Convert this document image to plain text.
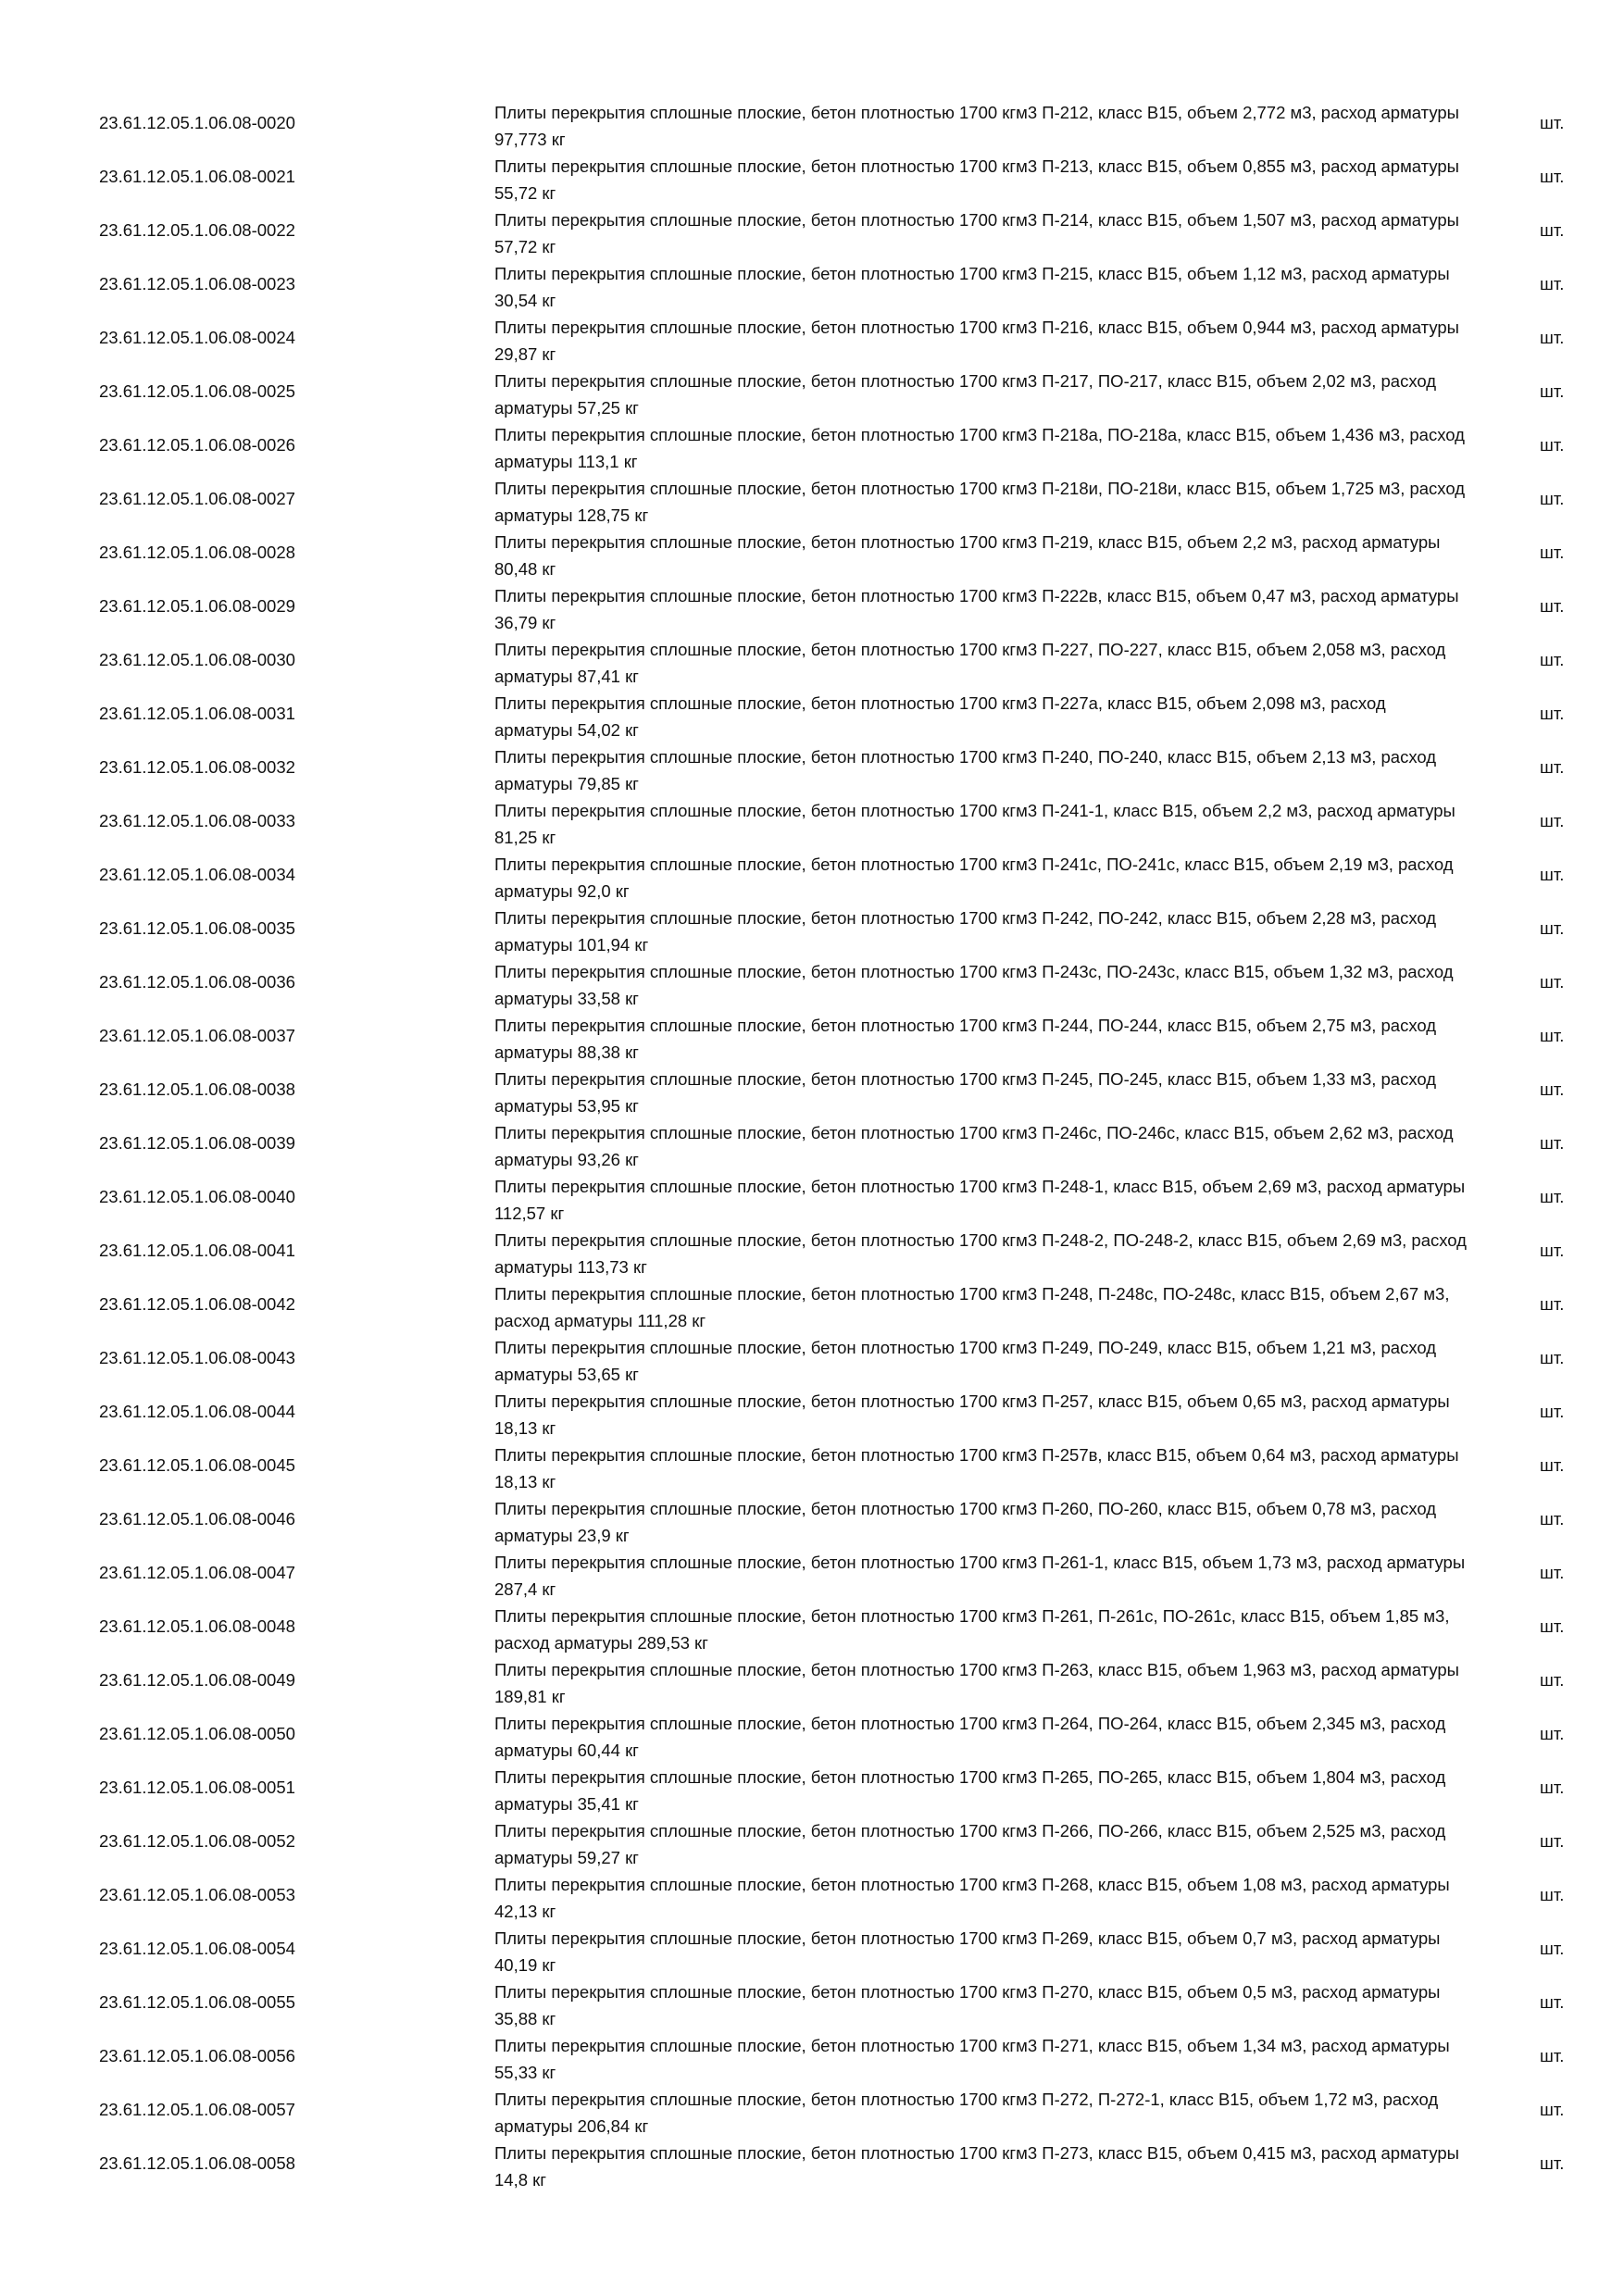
23.61.12.05.1.06.08-0020
Плиты перекрытия сплошные плоские, бетон плотностью 1700 кгм3 П-212, класс В15, объем 2,772 м3, расход арматуры 97,773 кг
шт.
23.61.12.05.1.06.08-0021
Плиты перекрытия сплошные плоские, бетон плотностью 1700 кгм3 П-213, класс В15, объем 0,855 м3, расход арматуры 55,72 кг
шт.
23.61.12.05.1.06.08-0022
Плиты перекрытия сплошные плоские, бетон плотностью 1700 кгм3 П-214, класс В15, объем 1,507 м3, расход арматуры 57,72 кг
шт.
23.61.12.05.1.06.08-0023
Плиты перекрытия сплошные плоские, бетон плотностью 1700 кгм3 П-215, класс В15, объем 1,12 м3, расход арматуры 30,54 кг
шт.
23.61.12.05.1.06.08-0024
Плиты перекрытия сплошные плоские, бетон плотностью 1700 кгм3 П-216, класс В15, объем 0,944 м3, расход арматуры 29,87 кг
шт.
23.61.12.05.1.06.08-0025
Плиты перекрытия сплошные плоские, бетон плотностью 1700 кгм3 П-217, ПО-217, класс В15, объем 2,02 м3, расход арматуры 57,25 кг
шт.
23.61.12.05.1.06.08-0026
Плиты перекрытия сплошные плоские, бетон плотностью 1700 кгм3 П-218а, ПО-218а, класс В15, объем 1,436 м3, расход арматуры 113,1 кг
шт.
23.61.12.05.1.06.08-0027
Плиты перекрытия сплошные плоские, бетон плотностью 1700 кгм3 П-218и, ПО-218и, класс В15, объем 1,725 м3, расход арматуры 128,75 кг
шт.
23.61.12.05.1.06.08-0028
Плиты перекрытия сплошные плоские, бетон плотностью 1700 кгм3 П-219, класс В15, объем 2,2 м3, расход арматуры 80,48 кг
шт.
23.61.12.05.1.06.08-0029
Плиты перекрытия сплошные плоские, бетон плотностью 1700 кгм3 П-222в, класс В15, объем 0,47 м3, расход арматуры 36,79 кг
шт.
23.61.12.05.1.06.08-0030
Плиты перекрытия сплошные плоские, бетон плотностью 1700 кгм3 П-227, ПО-227, класс В15, объем 2,058 м3, расход арматуры 87,41 кг
шт.
23.61.12.05.1.06.08-0031
Плиты перекрытия сплошные плоские, бетон плотностью 1700 кгм3 П-227а, класс В15, объем 2,098 м3, расход арматуры 54,02 кг
шт.
23.61.12.05.1.06.08-0032
Плиты перекрытия сплошные плоские, бетон плотностью 1700 кгм3 П-240, ПО-240, класс В15, объем 2,13 м3, расход арматуры 79,85 кг
шт.
23.61.12.05.1.06.08-0033
Плиты перекрытия сплошные плоские, бетон плотностью 1700 кгм3 П-241-1, класс В15, объем 2,2 м3, расход арматуры 81,25 кг
шт.
23.61.12.05.1.06.08-0034
Плиты перекрытия сплошные плоские, бетон плотностью 1700 кгм3 П-241с, ПО-241с, класс В15, объем 2,19 м3, расход арматуры 92,0 кг
шт.
23.61.12.05.1.06.08-0035
Плиты перекрытия сплошные плоские, бетон плотностью 1700 кгм3 П-242, ПО-242, класс В15, объем 2,28 м3, расход арматуры 101,94 кг
шт.
23.61.12.05.1.06.08-0036
Плиты перекрытия сплошные плоские, бетон плотностью 1700 кгм3 П-243с, ПО-243с, класс В15, объем 1,32 м3, расход арматуры 33,58 кг
шт.
23.61.12.05.1.06.08-0037
Плиты перекрытия сплошные плоские, бетон плотностью 1700 кгм3 П-244, ПО-244, класс В15, объем 2,75 м3, расход арматуры 88,38 кг
шт.
23.61.12.05.1.06.08-0038
Плиты перекрытия сплошные плоские, бетон плотностью 1700 кгм3 П-245, ПО-245, класс В15, объем 1,33 м3, расход арматуры 53,95 кг
шт.
23.61.12.05.1.06.08-0039
Плиты перекрытия сплошные плоские, бетон плотностью 1700 кгм3 П-246с, ПО-246с, класс В15, объем 2,62 м3, расход арматуры 93,26 кг
шт.
23.61.12.05.1.06.08-0040
Плиты перекрытия сплошные плоские, бетон плотностью 1700 кгм3 П-248-1, класс В15, объем 2,69 м3, расход арматуры 112,57 кг
шт.
23.61.12.05.1.06.08-0041
Плиты перекрытия сплошные плоские, бетон плотностью 1700 кгм3 П-248-2, ПО-248-2, класс В15, объем 2,69 м3, расход арматуры 113,73 кг
шт.
23.61.12.05.1.06.08-0042
Плиты перекрытия сплошные плоские, бетон плотностью 1700 кгм3 П-248, П-248с, ПО-248с, класс В15, объем 2,67 м3, расход арматуры 111,28 кг
шт.
23.61.12.05.1.06.08-0043
Плиты перекрытия сплошные плоские, бетон плотностью 1700 кгм3 П-249, ПО-249, класс В15, объем 1,21 м3, расход арматуры 53,65 кг
шт.
23.61.12.05.1.06.08-0044
Плиты перекрытия сплошные плоские, бетон плотностью 1700 кгм3 П-257, класс В15, объем 0,65 м3, расход арматуры 18,13 кг
шт.
23.61.12.05.1.06.08-0045
Плиты перекрытия сплошные плоские, бетон плотностью 1700 кгм3 П-257в, класс В15, объем 0,64 м3, расход арматуры 18,13 кг
шт.
23.61.12.05.1.06.08-0046
Плиты перекрытия сплошные плоские, бетон плотностью 1700 кгм3 П-260, ПО-260, класс В15, объем 0,78 м3, расход арматуры 23,9 кг
шт.
23.61.12.05.1.06.08-0047
Плиты перекрытия сплошные плоские, бетон плотностью 1700 кгм3 П-261-1, класс В15, объем 1,73 м3, расход арматуры 287,4 кг
шт.
23.61.12.05.1.06.08-0048
Плиты перекрытия сплошные плоские, бетон плотностью 1700 кгм3 П-261, П-261с, ПО-261с, класс В15, объем 1,85 м3, расход арматуры 289,53 кг
шт.
23.61.12.05.1.06.08-0049
Плиты перекрытия сплошные плоские, бетон плотностью 1700 кгм3 П-263, класс В15, объем 1,963 м3, расход арматуры 189,81 кг
шт.
23.61.12.05.1.06.08-0050
Плиты перекрытия сплошные плоские, бетон плотностью 1700 кгм3 П-264, ПО-264, класс В15, объем 2,345 м3, расход арматуры 60,44 кг
шт.
23.61.12.05.1.06.08-0051
Плиты перекрытия сплошные плоские, бетон плотностью 1700 кгм3 П-265, ПО-265, класс В15, объем 1,804 м3, расход арматуры 35,41 кг
шт.
23.61.12.05.1.06.08-0052
Плиты перекрытия сплошные плоские, бетон плотностью 1700 кгм3 П-266, ПО-266, класс В15, объем 2,525 м3, расход арматуры 59,27 кг
шт.
23.61.12.05.1.06.08-0053
Плиты перекрытия сплошные плоские, бетон плотностью 1700 кгм3 П-268, класс В15, объем 1,08 м3, расход арматуры 42,13 кг
шт.
23.61.12.05.1.06.08-0054
Плиты перекрытия сплошные плоские, бетон плотностью 1700 кгм3 П-269, класс В15, объем 0,7 м3, расход арматуры 40,19 кг
шт.
23.61.12.05.1.06.08-0055
Плиты перекрытия сплошные плоские, бетон плотностью 1700 кгм3 П-270, класс В15, объем 0,5 м3, расход арматуры 35,88 кг
шт.
23.61.12.05.1.06.08-0056
Плиты перекрытия сплошные плоские, бетон плотностью 1700 кгм3 П-271, класс В15, объем 1,34 м3, расход арматуры 55,33 кг
шт.
23.61.12.05.1.06.08-0057
Плиты перекрытия сплошные плоские, бетон плотностью 1700 кгм3 П-272, П-272-1, класс В15, объем 1,72 м3, расход арматуры 206,84 кг
шт.
23.61.12.05.1.06.08-0058
Плиты перекрытия сплошные плоские, бетон плотностью 1700 кгм3 П-273, класс В15, объем 0,415 м3, расход арматуры 14,8 кг
шт.
